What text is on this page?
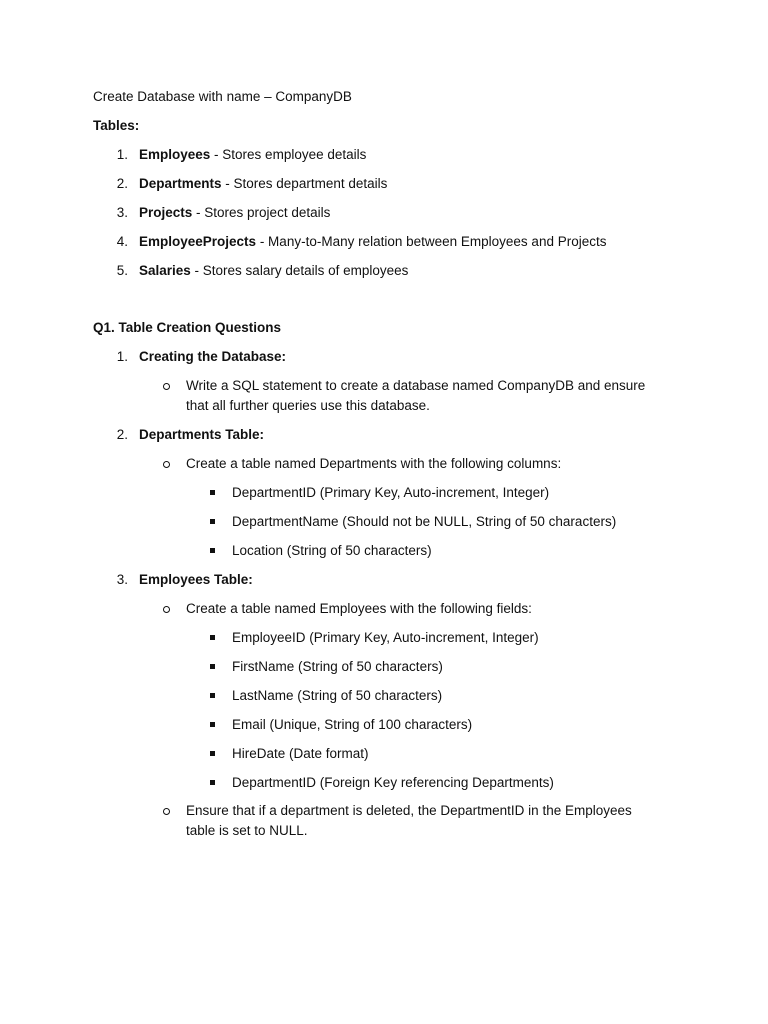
Create Database with name – CompanyDB
Tables:
1. Employees - Stores employee details
2. Departments - Stores department details
3. Projects - Stores project details
4. EmployeeProjects - Many-to-Many relation between Employees and Projects
5. Salaries - Stores salary details of employees
Q1. Table Creation Questions
1. Creating the Database:
Write a SQL statement to create a database named CompanyDB and ensure
that all further queries use this database.
2. Departments Table:
Create a table named Departments with the following columns:
DepartmentID (Primary Key, Auto-increment, Integer)
DepartmentName (Should not be NULL, String of 50 characters)
Location (String of 50 characters)
3. Employees Table:
Create a table named Employees with the following fields:
EmployeeID (Primary Key, Auto-increment, Integer)
FirstName (String of 50 characters)
LastName (String of 50 characters)
Email (Unique, String of 100 characters)
HireDate (Date format)
DepartmentID (Foreign Key referencing Departments)
Ensure that if a department is deleted, the DepartmentID in the Employees
table is set to NULL.
